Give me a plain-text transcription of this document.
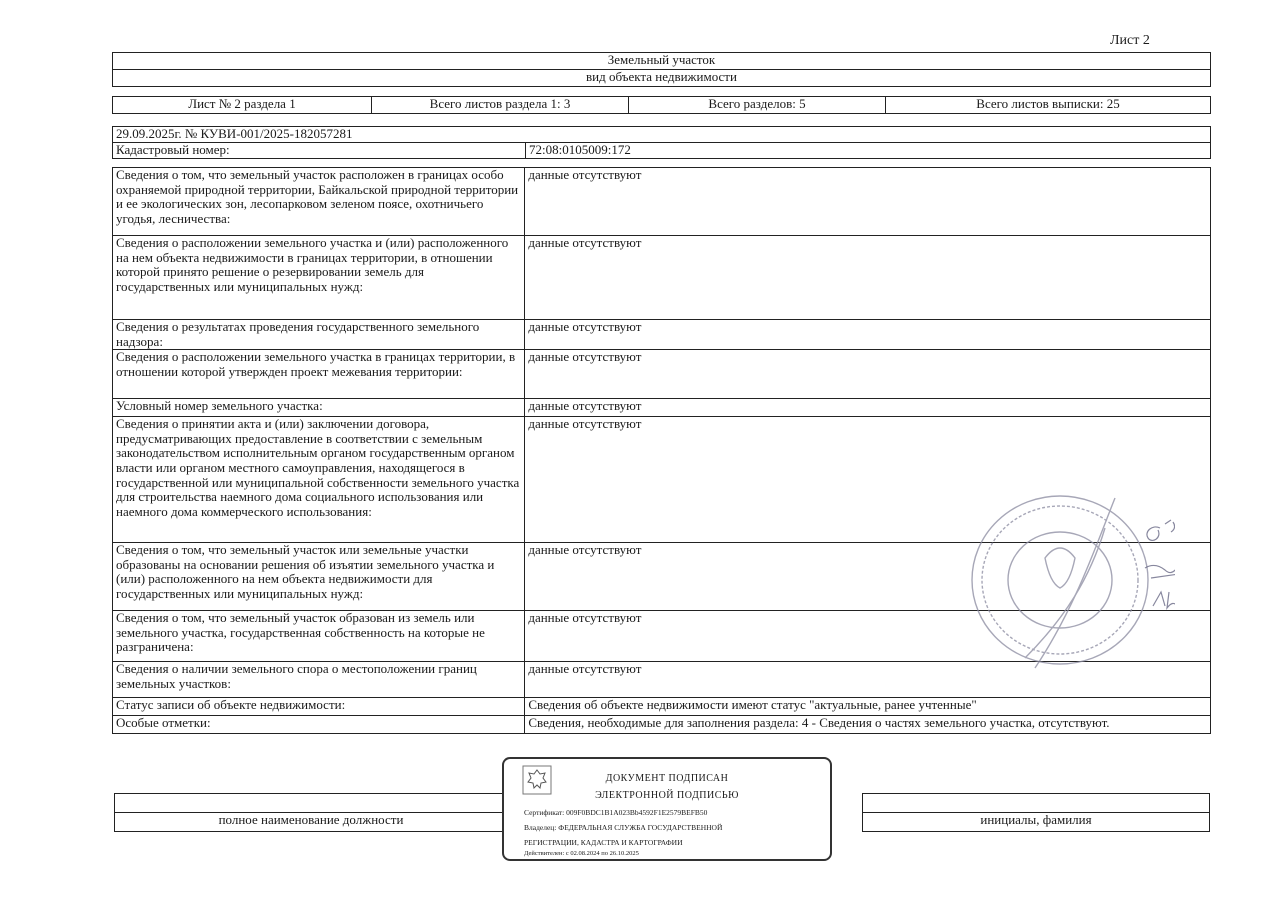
Лист 2
Земельный участок
вид объекта недвижимости
Лист № 2 раздела 1	Всего листов раздела 1: 3	Всего разделов: 5	Всего листов выписки: 25
29.09.2025г. № КУВИ-001/2025-182057281
Кадастровый номер:	72:08:0105009:172
Сведения о том, что земельный участок расположен в границах особо охраняемой природной территории, Байкальской природной территории и ее экологических зон, лесопарковом зеленом поясе, охотничьего угодья, лесничества:	данные отсутствуют
Сведения о расположении земельного участка и (или) расположенного на нем объекта недвижимости в границах территории, в отношении которой принято решение о резервировании земель для государственных или муниципальных нужд:	данные отсутствуют
Сведения о результатах проведения государственного земельного надзора:	данные отсутствуют
Сведения о расположении земельного участка в границах территории, в отношении которой утвержден проект межевания территории:	данные отсутствуют
Условный номер земельного участка:	данные отсутствуют
Сведения о принятии акта и (или) заключении договора, предусматривающих предоставление в соответствии с земельным законодательством исполнительным органом государственным органом власти или органом местного самоуправления, находящегося в государственной или муниципальной собственности земельного участка для строительства наемного дома социального использования или наемного дома коммерческого использования:	данные отсутствуют
Сведения о том, что земельный участок или земельные участки образованы на основании решения об изъятии земельного участка и (или) расположенного на нем объекта недвижимости для государственных или муниципальных нужд:	данные отсутствуют
Сведения о том, что земельный участок образован из земель или земельного участка, государственная собственность на которые не разграничена:	данные отсутствуют
Сведения о наличии земельного спора о местоположении границ земельных участков:	данные отсутствуют
Статус записи об объекте недвижимости:	Сведения об объекте недвижимости имеют статус "актуальные, ранее учтенные"
Особые отметки:	Сведения, необходимые для заполнения раздела: 4 - Сведения о частях земельного участка, отсутствуют.

полное наименование должности		инициалы, фамилия
ДОКУМЕНТ ПОДПИСАН
ЭЛЕКТРОННОЙ ПОДПИСЬЮ
Сертификат: 009F0BDC1B1A023Bb4592F1E2579BEFB50
Владелец: ФЕДЕРАЛЬНАЯ СЛУЖБА ГОСУДАРСТВЕННОЙ
РЕГИСТРАЦИИ, КАДАСТРА И КАРТОГРАФИИ
Действителен: с 02.08.2024 по 26.10.2025
